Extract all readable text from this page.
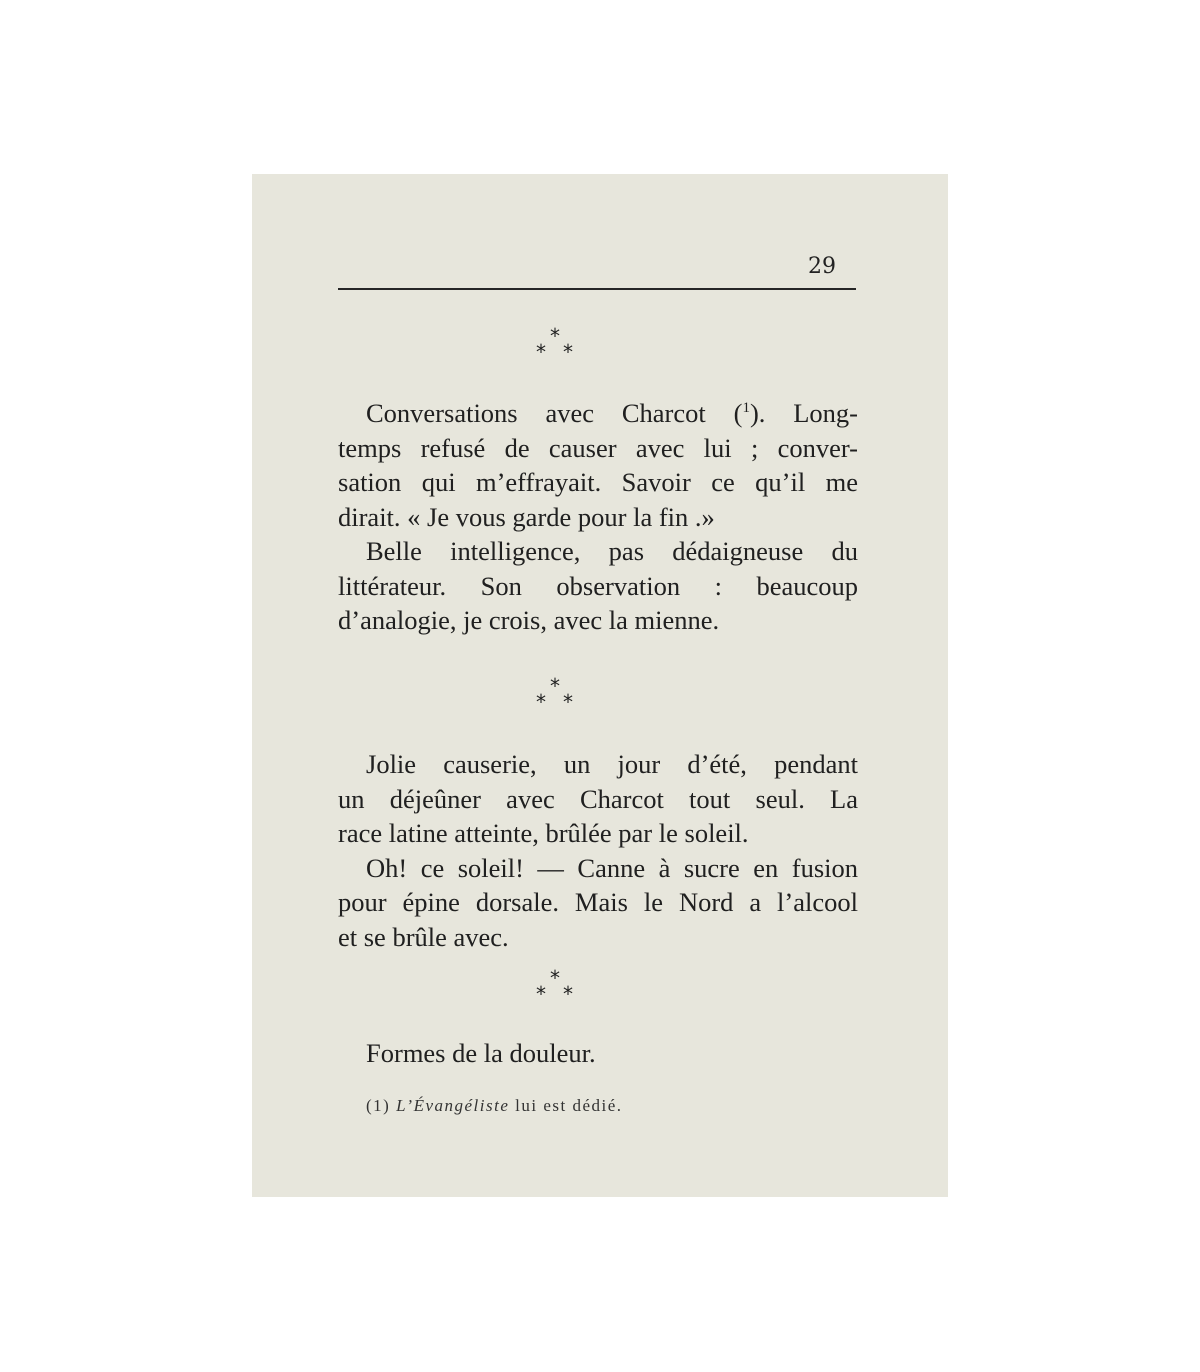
29
*
* *
Conversations avec Charcot ($^1$). Long-
temps refusé de causer avec lui ; conver-
sation qui m’effrayait. Savoir ce qu’il me
dirait. « Je vous garde pour la fin .»
Belle intelligence, pas dédaigneuse du
littérateur. Son observation : beaucoup
d’analogie, je crois, avec la mienne.
*
* *
Jolie causerie, un jour d’été, pendant
un déjeûner avec Charcot tout seul. La
race latine atteinte, brûlée par le soleil.
Oh! ce soleil! — Canne à sucre en fusion
pour épine dorsale. Mais le Nord a l’alcool
et se brûle avec.
*
* *
Formes de la douleur.
(1) L’Évangéliste lui est dédié.
